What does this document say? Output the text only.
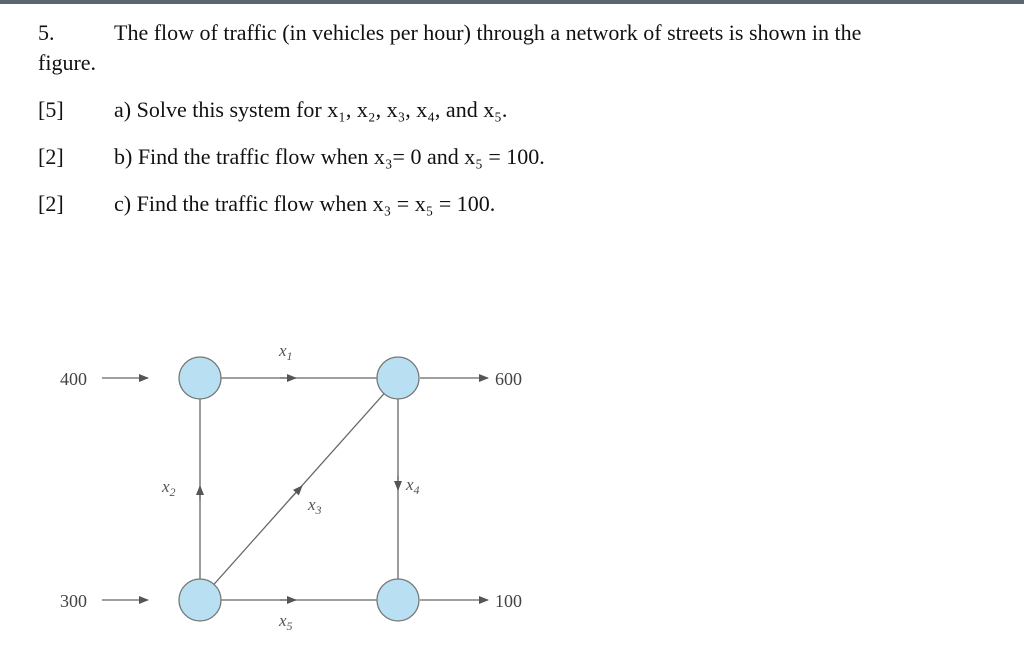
5.	The flow of traffic (in vehicles per hour) through a network of streets is shown in the
figure.
[5] a) Solve this system for x₁, x₂, x₃, x₄, and x₅.
[2] b) Find the traffic flow when x₃= 0 and x₅ = 100.
[2] c) Find the traffic flow when x₃ = x₅ = 100.
400	600
300	100
$x_1$
$x_2$
$x_3$
$x_4$
$x_5$
